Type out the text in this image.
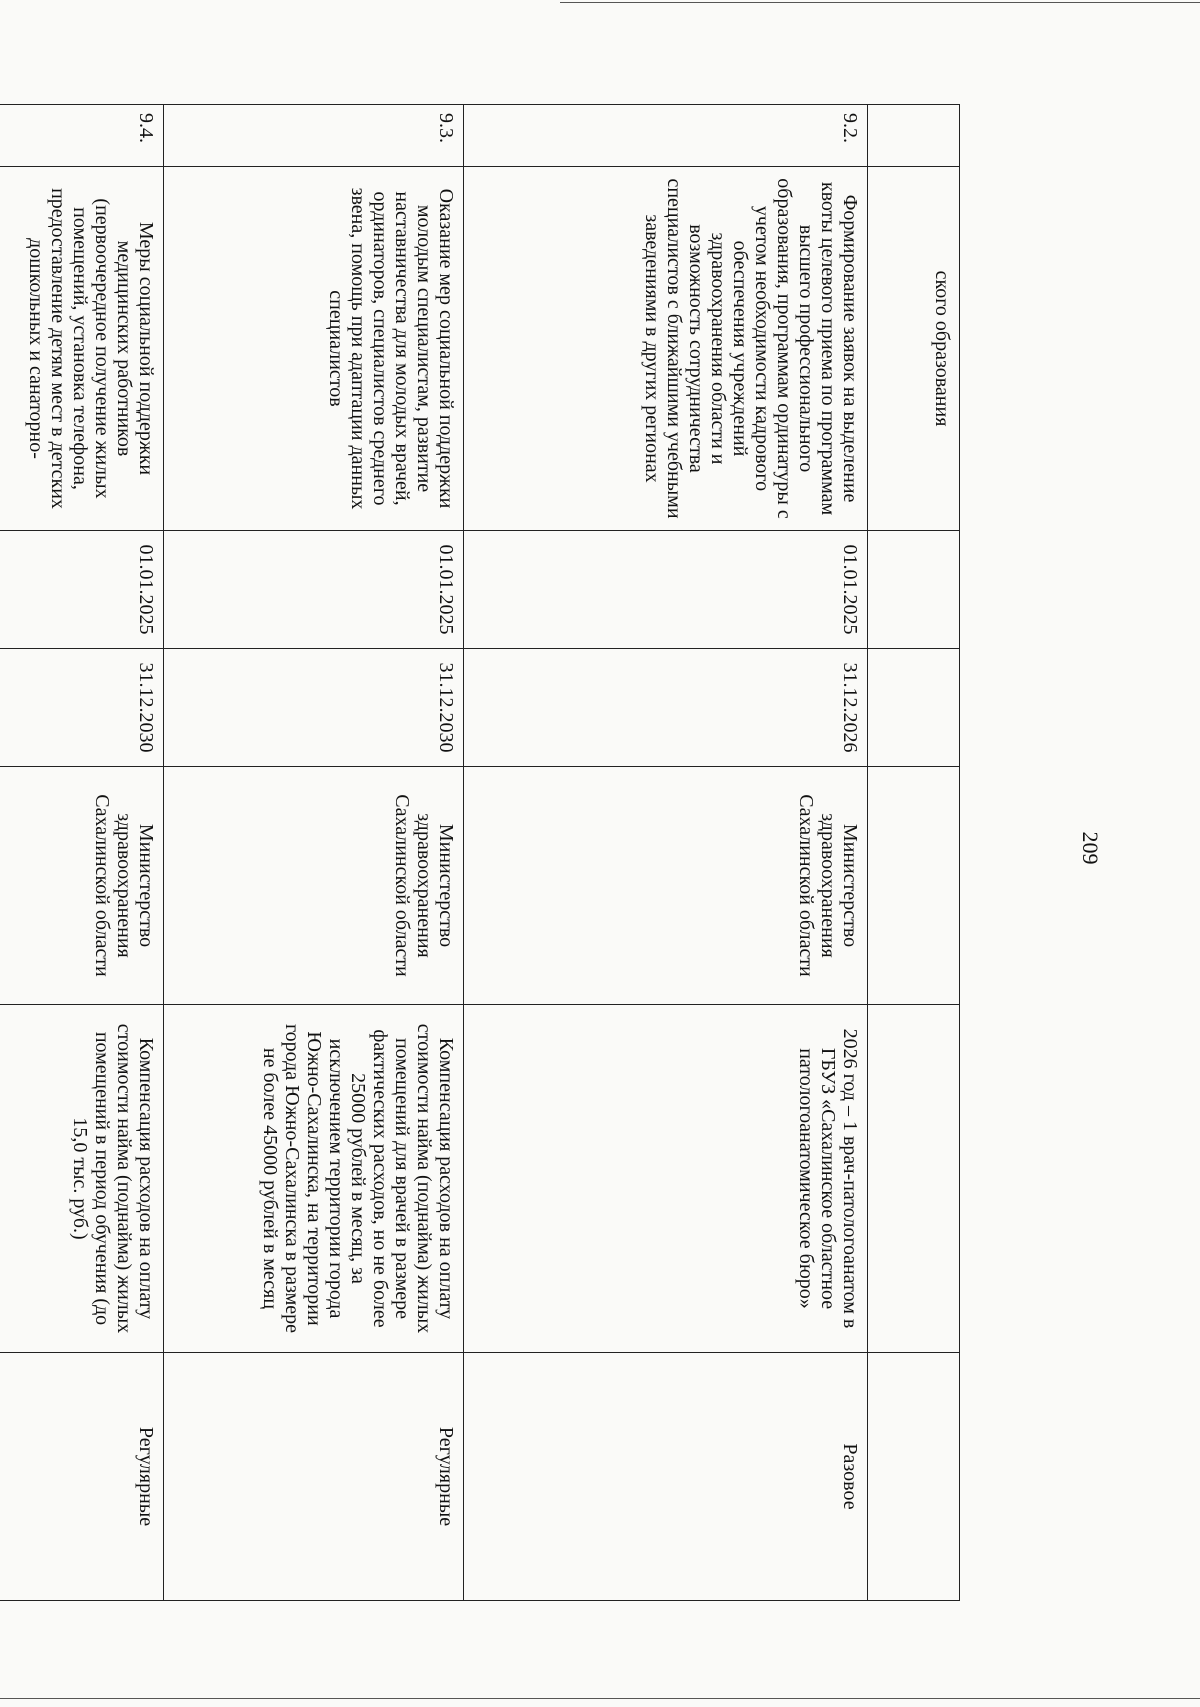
209
	ского образования					

9.2.	Формирование заявок на выделение квоты целевого приема по программам высшего профессионального образования, программам ординатуры с учетом необходимости кадрового обеспечения учреждений здравоохранения области и возможность сотрудничества специалистов с ближайшими учебными заведениями в других регионах	01.01.2025	31.12.2026	Министерство здравоохранения Сахалинской области	2026 год – 1 врач-патологоанатом в ГБУЗ «Сахалинское областное патологоанатомическое бюро»	Разовое

9.3.	Оказание мер социальной поддержки молодым специалистам, развитие наставничества для молодых врачей, ординаторов, специалистов среднего звена, помощь при адаптации данных специалистов	01.01.2025	31.12.2030	Министерство здравоохранения Сахалинской области	Компенсация расходов на оплату стоимости найма (поднайма) жилых помещений для врачей в размере фактических расходов, но не более 25000 рублей в месяц, за исключением территории города Южно-Сахалинска, на территории города Южно-Сахалинска в размере не более 45000 рублей в месяц	Регулярные

9.4.	Меры социальной поддержки медицинских работников (первоочередное получение жилых помещений, установка телефона, предоставление детям мест в детских дошкольных и санаторно-	01.01.2025	31.12.2030	Министерство здравоохранения Сахалинской области	Компенсация расходов на оплату стоимости найма (поднайма) жилых помещений в период обучения (до 15,0 тыс. руб.)	Регулярные
